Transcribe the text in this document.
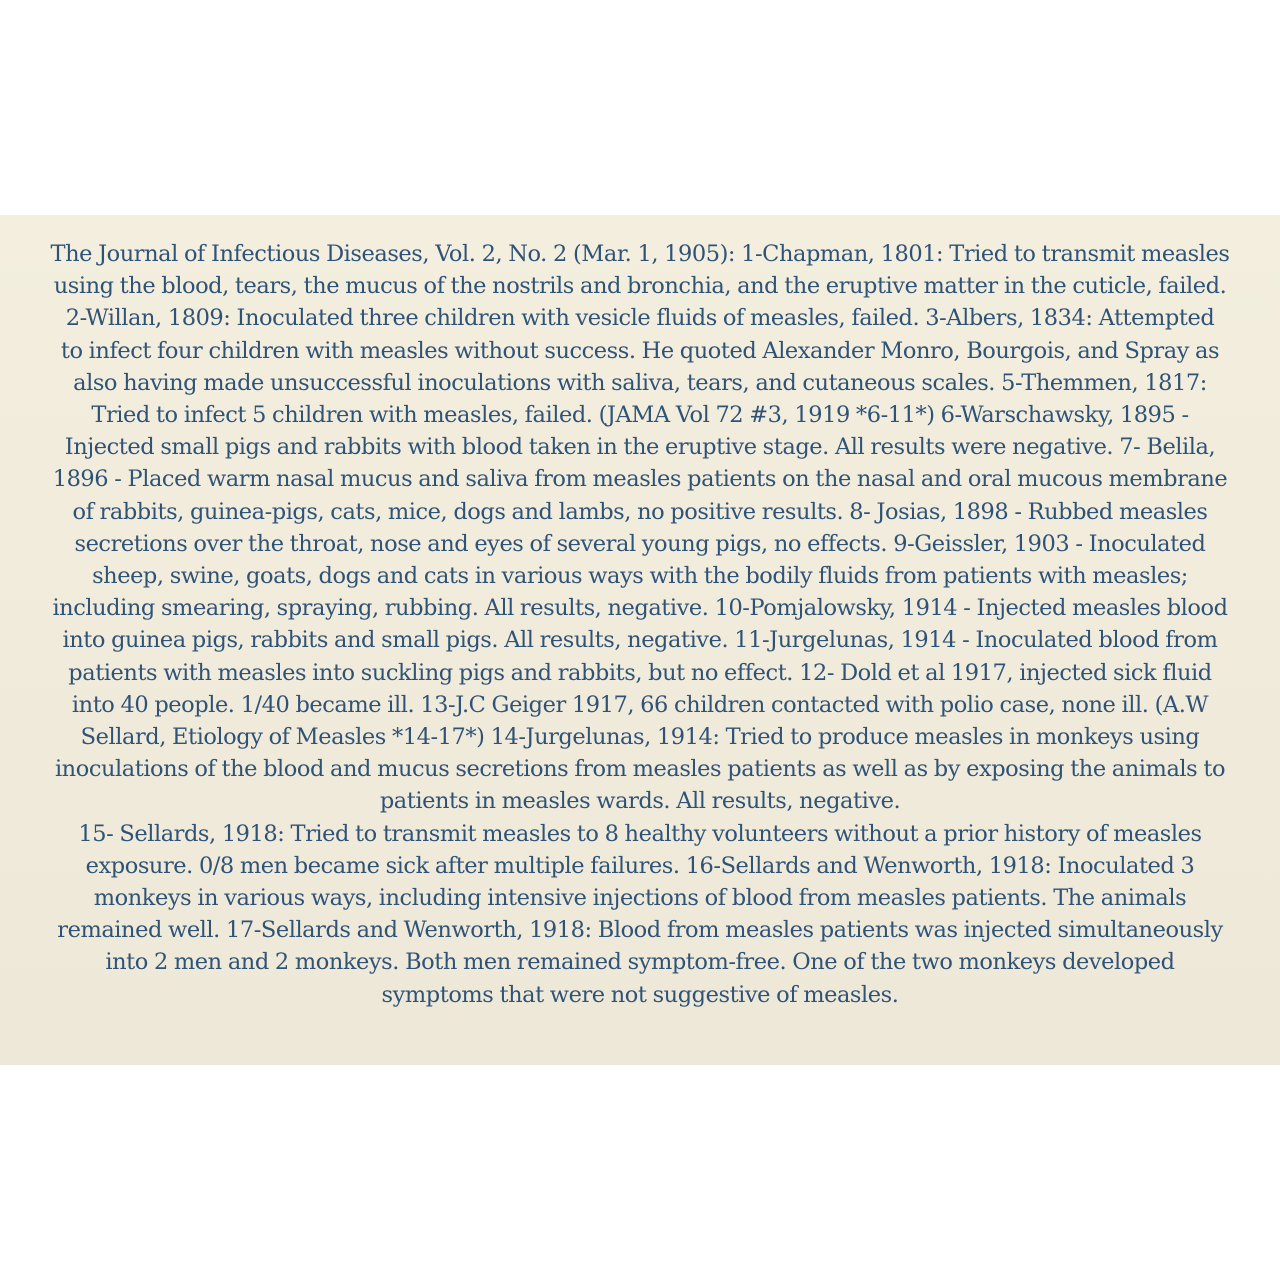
The Journal of Infectious Diseases, Vol. 2, No. 2 (Mar. 1, 1905): 1-Chapman, 1801: Tried to transmit measles
using the blood, tears, the mucus of the nostrils and bronchia, and the eruptive matter in the cuticle, failed.
2-Willan, 1809: Inoculated three children with vesicle fluids of measles, failed. 3-Albers, 1834: Attempted
to infect four children with measles without success. He quoted Alexander Monro, Bourgois, and Spray as
also having made unsuccessful inoculations with saliva, tears, and cutaneous scales. 5-Themmen, 1817:
Tried to infect 5 children with measles, failed. (JAMA Vol 72 #3, 1919 *6-11*) 6-Warschawsky, 1895 -
Injected small pigs and rabbits with blood taken in the eruptive stage. All results were negative. 7- Belila,
1896 - Placed warm nasal mucus and saliva from measles patients on the nasal and oral mucous membrane
of rabbits, guinea-pigs, cats, mice, dogs and lambs, no positive results. 8- Josias, 1898 - Rubbed measles
secretions over the throat, nose and eyes of several young pigs, no effects. 9-Geissler, 1903 - Inoculated
sheep, swine, goats, dogs and cats in various ways with the bodily fluids from patients with measles;
including smearing, spraying, rubbing. All results, negative. 10-Pomjalowsky, 1914 - Injected measles blood
into guinea pigs, rabbits and small pigs. All results, negative. 11-Jurgelunas, 1914 - Inoculated blood from
patients with measles into suckling pigs and rabbits, but no effect. 12- Dold et al 1917, injected sick fluid
into 40 people. 1/40 became ill. 13-J.C Geiger 1917, 66 children contacted with polio case, none ill. (A.W
Sellard, Etiology of Measles *14-17*) 14-Jurgelunas, 1914: Tried to produce measles in monkeys using
inoculations of the blood and mucus secretions from measles patients as well as by exposing the animals to
patients in measles wards. All results, negative.
15- Sellards, 1918: Tried to transmit measles to 8 healthy volunteers without a prior history of measles
exposure. 0/8 men became sick after multiple failures. 16-Sellards and Wenworth, 1918: Inoculated 3
monkeys in various ways, including intensive injections of blood from measles patients. The animals
remained well. 17-Sellards and Wenworth, 1918: Blood from measles patients was injected simultaneously
into 2 men and 2 monkeys. Both men remained symptom-free. One of the two monkeys developed
symptoms that were not suggestive of measles.
